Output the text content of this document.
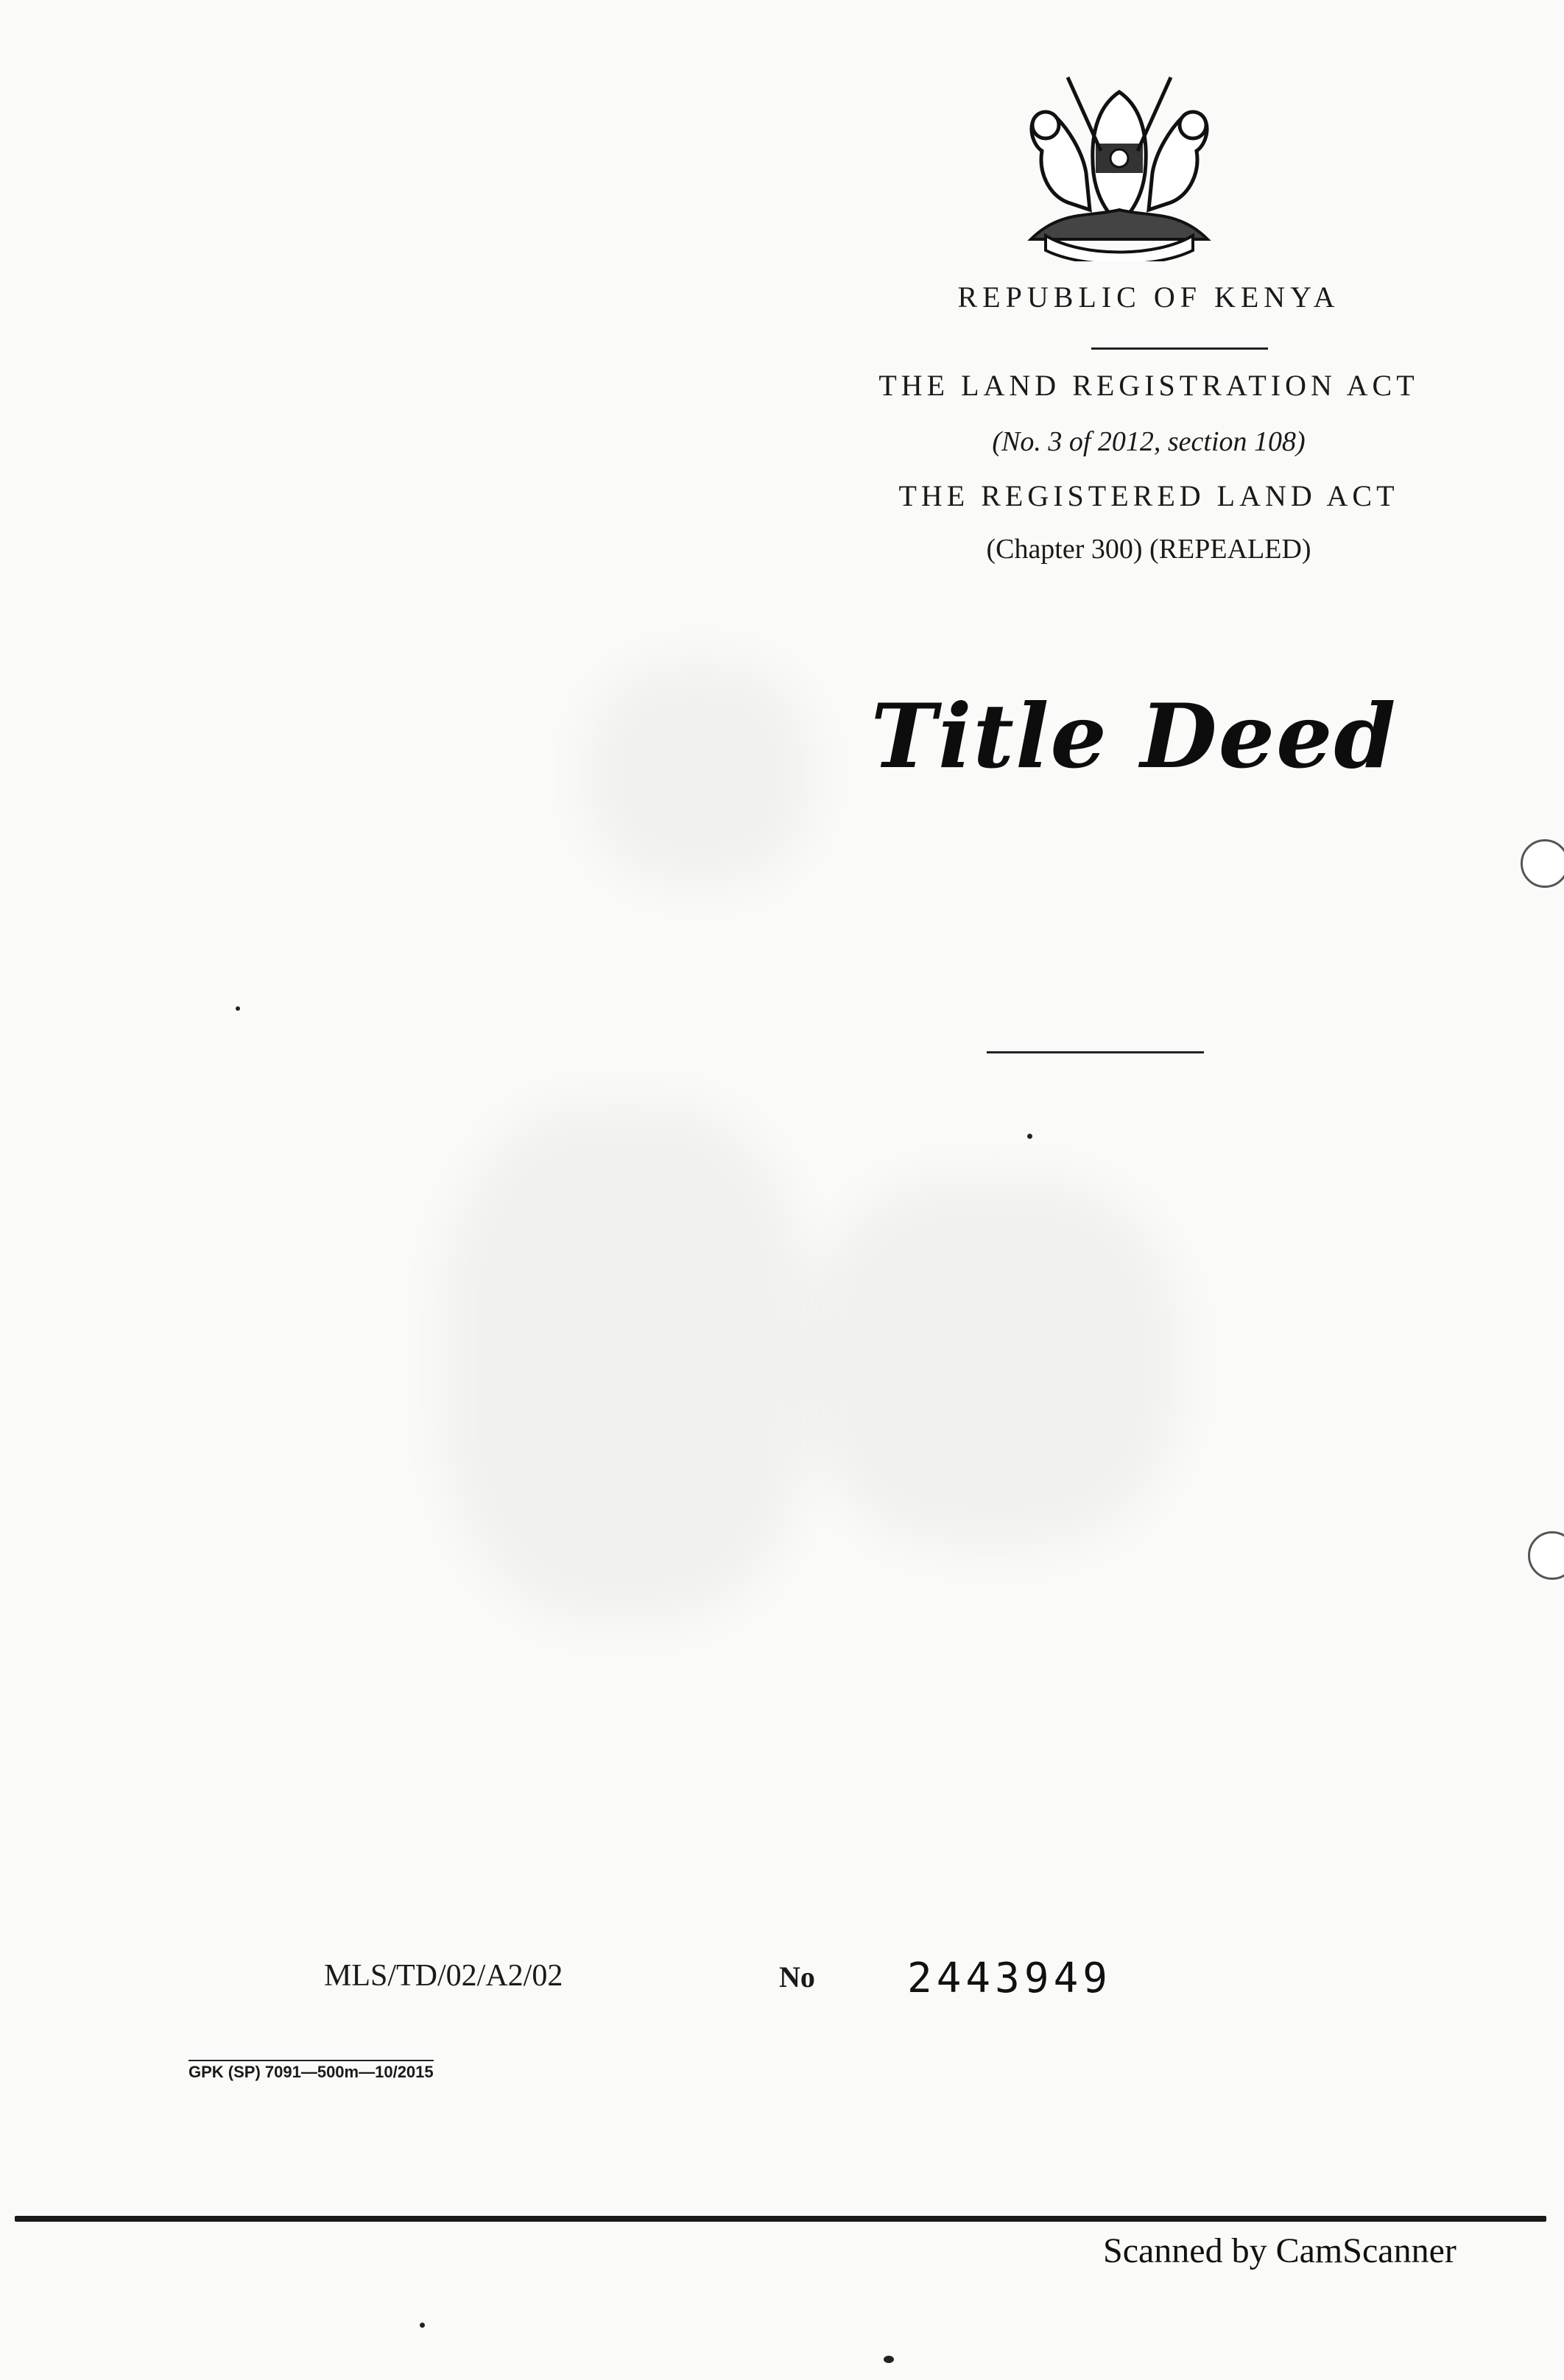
REPUBLIC OF KENYA
THE LAND REGISTRATION ACT
(No. 3 of 2012, section 108)
THE REGISTERED LAND ACT
(Chapter 300) (REPEALED)
Title Deed
MLS/TD/02/A2/02	No 2443949
GPK (SP) 7091—500m—10/2015
Scanned by CamScanner
